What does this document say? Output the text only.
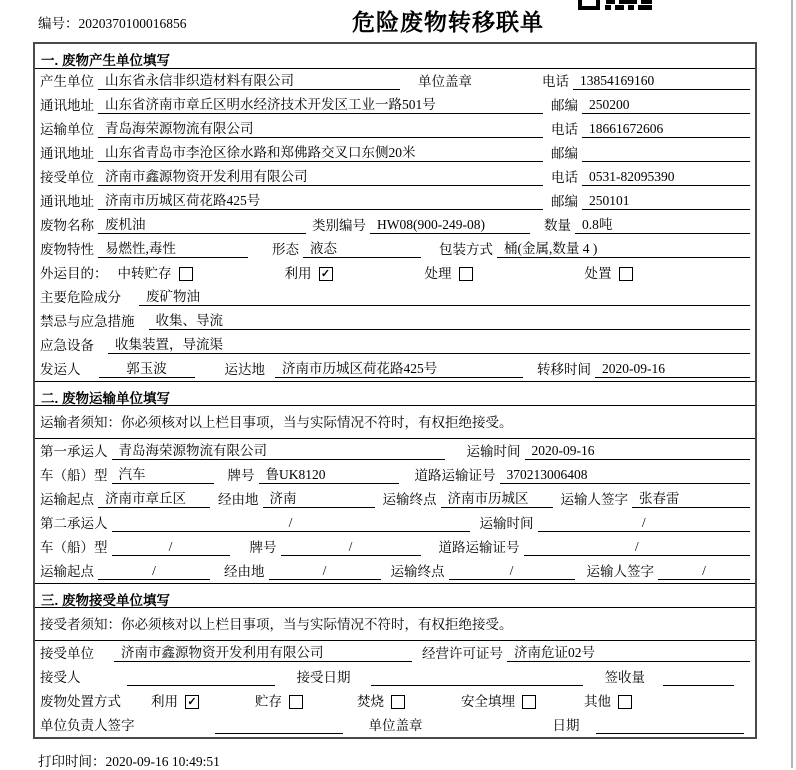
编号：2020370100016856	危险废物转移联单
一. 废物产生单位填写
产生单位 山东省永信非织造材料有限公司	单位盖章	电话 13854169160
通讯地址 山东省济南市章丘区明水经济技术开发区工业一路501号	邮编 250200
运输单位 青岛海荣源物流有限公司	电话 18661672606
通讯地址 山东省青岛市李沧区徐水路和郑佛路交叉口东侧20米	邮编
接受单位 济南市鑫源物资开发利用有限公司	电话 0531-82095390
通讯地址 济南市历城区荷花路425号	邮编 250101
废物名称 废机油	类别编号 HW08(900-249-08)	数量 0.8吨
废物特性 易燃性,毒性	形态 液态	包装方式 桶(金属,数量 4 )
外运目的： 中转贮存	利用 ✓	处理	处置
主要危险成分	废矿物油
禁忌与应急措施	收集、导流
应急设备	收集装置，导流渠
发运人	郭玉波	运达地	济南市历城区荷花路425号	转移时间 2020-09-16
二. 废物运输单位填写
运输者须知：你必须核对以上栏目事项，当与实际情况不符时，有权拒绝接受。
第一承运人 青岛海荣源物流有限公司	运输时间 2020-09-16
车（船）型 汽车	牌号 鲁UK8120	道路运输证号 370213006408
运输起点 济南市章丘区	经由地 济南	运输终点 济南市历城区	运输人签字 张春雷
第二承运人	/	运输时间	/
车（船）型	/	牌号	/	道路运输证号	/
运输起点	/	经由地	/	运输终点	/	运输人签字	/
三. 废物接受单位填写
接受者须知：你必须核对以上栏目事项，当与实际情况不符时，有权拒绝接受。
接受单位	济南市鑫源物资开发利用有限公司	经营许可证号 济南危证02号
接受人	接受日期	签收量
废物处置方式 利用 ✓	贮存	焚烧	安全填埋	其他
单位负责人签字	单位盖章	日期
打印时间：2020-09-16 10:49:51
